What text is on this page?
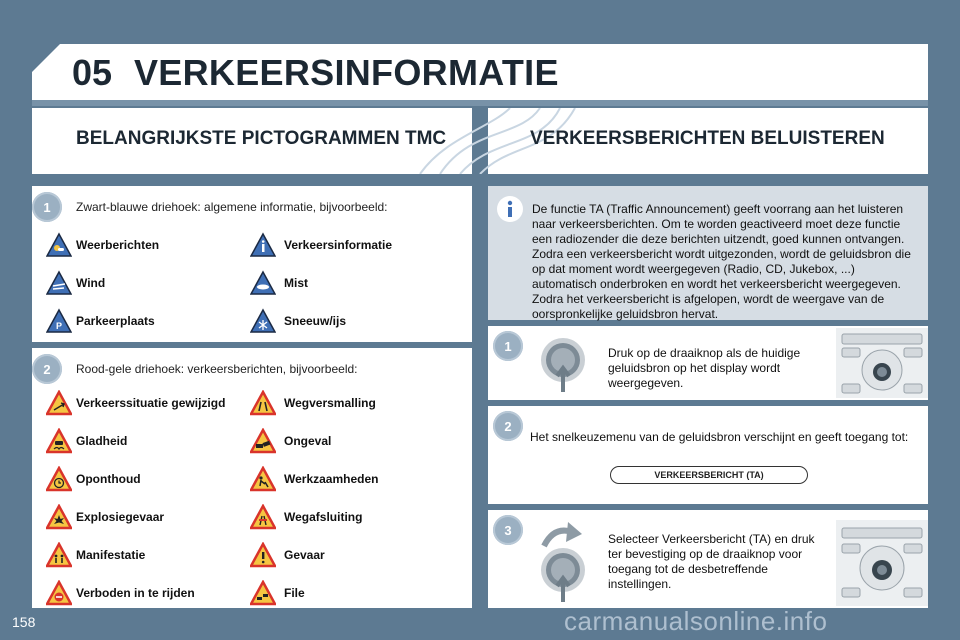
05 VERKEERSINFORMATIE
BELANGRIJKSTE PICTOGRAMMEN TMC	VERKEERSBERICHTEN BELUISTEREN
1 Zwart-blauwe driehoek: algemene informatie, bijvoorbeeld:
Weerberichten	Verkeersinformatie
Wind	Mist
P Parkeerplaats	Sneeuw/ijs
2 Rood-gele driehoek: verkeersberichten, bijvoorbeeld:
Verkeerssituatie gewijzigd	Wegversmalling
Gladheid	Ongeval
Oponthoud	Werkzaamheden
Explosiegevaar	Wegafsluiting
Manifestatie	Gevaar
Verboden in te rijden	File
De functie TA (Traffic Announcement) geeft voorrang aan het luisteren naar verkeersberichten. Om te worden geactiveerd moet deze functie een radiozender die deze berichten uitzendt, goed kunnen ontvangen. Zodra een verkeersbericht wordt uitgezonden, wordt de geluidsbron die op dat moment wordt weergegeven (Radio, CD, Jukebox, ...) automatisch onderbroken en wordt het verkeersbericht weergegeven. Zodra het verkeersbericht is afgelopen, wordt de weergave van de oorspronkelijke geluidsbron hervat.
1	Druk op de draaiknop als de huidige geluidsbron op het display wordt weergegeven.
2
Het snelkeuzemenu van de geluidsbron verschijnt en geeft toegang tot:
VERKEERSBERICHT (TA)
3
Selecteer Verkeersbericht (TA) en druk ter bevestiging op de draaiknop voor toegang tot de desbetreffende instellingen.
158	carmanualsonline.info
